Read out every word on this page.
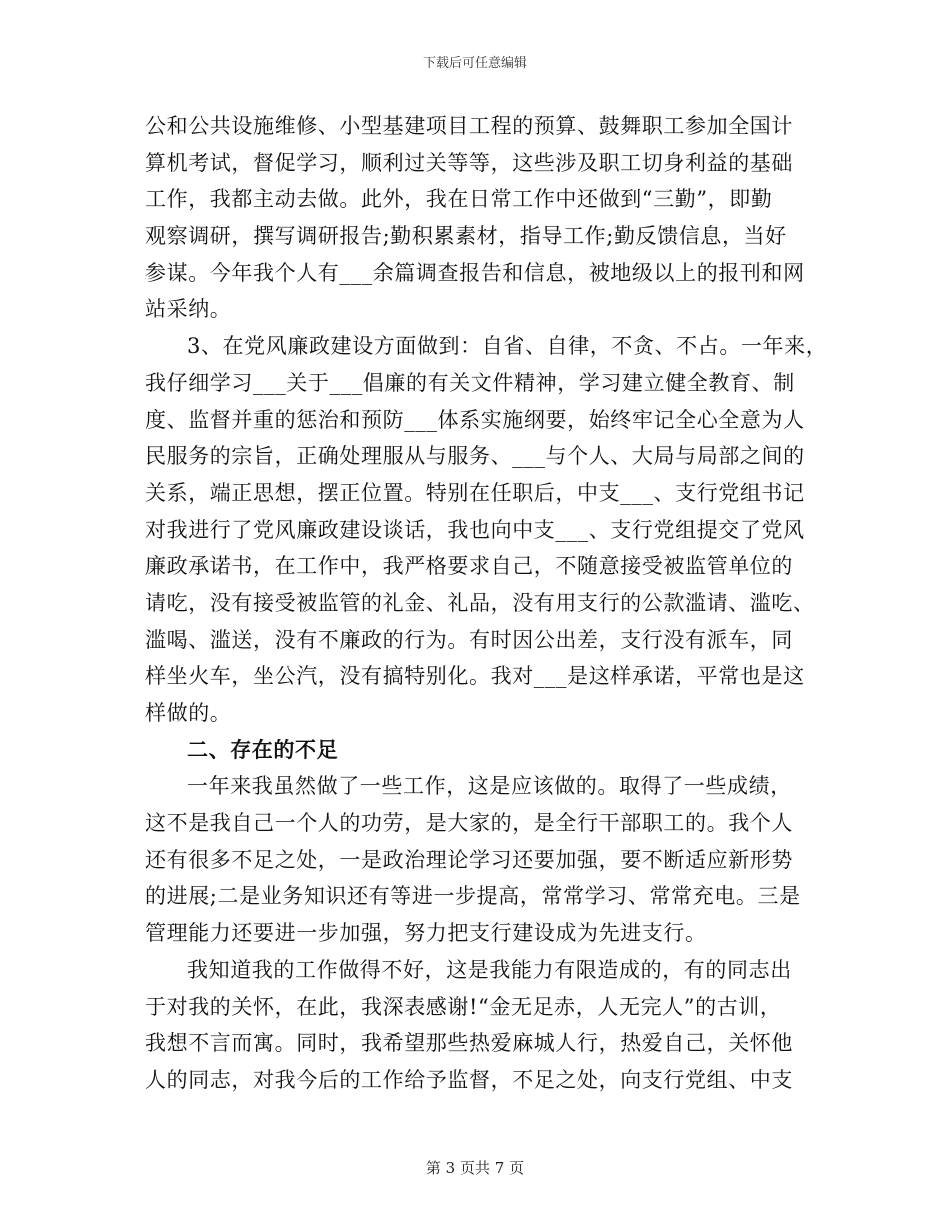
下载后可任意编辑
公和公共设施维修、小型基建项目工程的预算、鼓舞职工参加全国计
算机考试，督促学习，顺利过关等等，这些涉及职工切身利益的基础
工作，我都主动去做。此外，我在日常工作中还做到“三勤”，即勤
观察调研，撰写调研报告;勤积累素材，指导工作;勤反馈信息，当好
参谋。今年我个人有___余篇调查报告和信息，被地级以上的报刊和网
站采纳。
3、在党风廉政建设方面做到：自省、自律，不贪、不占。一年来，
我仔细学习___关于___倡廉的有关文件精神，学习建立健全教育、制
度、监督并重的惩治和预防___体系实施纲要，始终牢记全心全意为人
民服务的宗旨，正确处理服从与服务、___与个人、大局与局部之间的
关系，端正思想，摆正位置。特别在任职后，中支___、支行党组书记
对我进行了党风廉政建设谈话，我也向中支___、支行党组提交了党风
廉政承诺书，在工作中，我严格要求自己，不随意接受被监管单位的
请吃，没有接受被监管的礼金、礼品，没有用支行的公款滥请、滥吃、
滥喝、滥送，没有不廉政的行为。有时因公出差，支行没有派车，同
样坐火车，坐公汽，没有搞特别化。我对___是这样承诺，平常也是这
样做的。
二、存在的不足
一年来我虽然做了一些工作，这是应该做的。取得了一些成绩，
这不是我自己一个人的功劳，是大家的，是全行干部职工的。我个人
还有很多不足之处，一是政治理论学习还要加强，要不断适应新形势
的进展;二是业务知识还有等进一步提高，常常学习、常常充电。三是
管理能力还要进一步加强，努力把支行建设成为先进支行。
我知道我的工作做得不好，这是我能力有限造成的，有的同志出
于对我的关怀，在此，我深表感谢!“金无足赤，人无完人”的古训，
我想不言而寓。同时，我希望那些热爱麻城人行，热爱自己，关怀他
人的同志，对我今后的工作给予监督，不足之处，向支行党组、中支
第 3 页共 7 页
